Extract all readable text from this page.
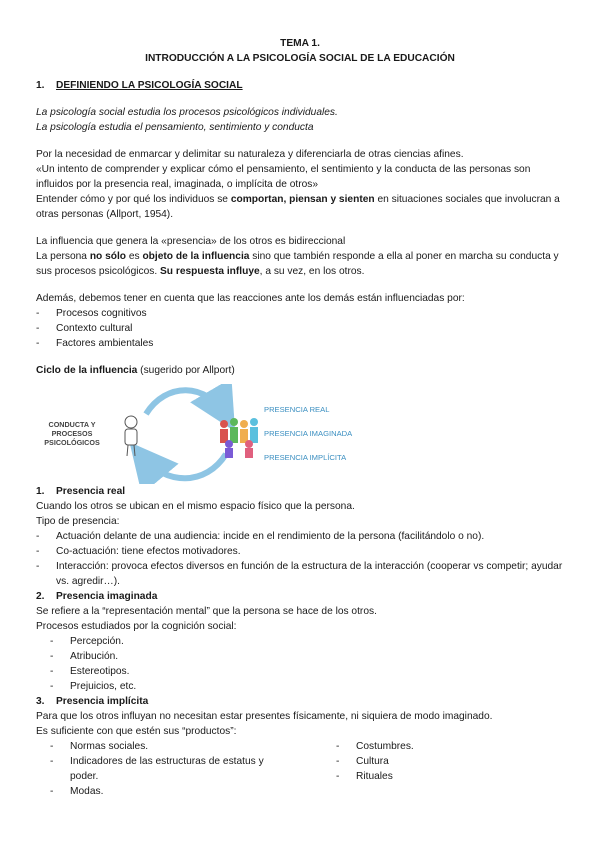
TEMA 1.

INTRODUCCIÓN A LA PSICOLOGÍA SOCIAL DE LA EDUCACIÓN

1. DEFINIENDO LA PSICOLOGÍA SOCIAL

La psicología social estudia los procesos psicológicos individuales.

La psicología estudia el pensamiento, sentimiento y conducta

Por la necesidad de enmarcar y delimitar su naturaleza y diferenciarla de otras ciencias afines.

«Un intento de comprender y explicar cómo el pensamiento, el sentimiento y la conducta de las personas son influidos por la presencia real, imaginada, o implícita de otros»

Entender cómo y por qué los individuos se comportan, piensan y sienten en situaciones sociales que involucran a otras personas (Allport, 1954).

La influencia que genera la «presencia» de los otros es bidireccional

La persona no sólo es objeto de la influencia sino que también responde a ella al poner en marcha su conducta y sus procesos psicológicos. Su respuesta influye, a su vez, en los otros.

Además, debemos tener en cuenta que las reacciones ante los demás están influenciadas por:

- Procesos cognitivos
- Contexto cultural
- Factores ambientales

Ciclo de la influencia (sugerido por Allport)

CONDUCTA Y PROCESOS PSICOLÓGICOS
PRESENCIA REAL
PRESENCIA IMAGINADA
PRESENCIA IMPLÍCITA

1. Presencia real

Cuando los otros se ubican en el mismo espacio físico que la persona.

Tipo de presencia:

- Actuación delante de una audiencia: incide en el rendimiento de la persona (facilitándolo o no).
- Co-actuación: tiene efectos motivadores.
- Interacción: provoca efectos diversos en función de la estructura de la interacción (cooperar vs competir; ayudar vs. agredir…).

2. Presencia imaginada

Se refiere a la “representación mental” que la persona se hace de los otros.

Procesos estudiados por la cognición social:

- Percepción.
- Atribución.
- Estereotipos.
- Prejuicios, etc.

3. Presencia implícita

Para que los otros influyan no necesitan estar presentes físicamente, ni siquiera de modo imaginado.

Es suficiente con que estén sus “productos”:

- Normas sociales.
- Indicadores de las estructuras de estatus y poder.
- Modas.
- Costumbres.
- Cultura
- Rituales
